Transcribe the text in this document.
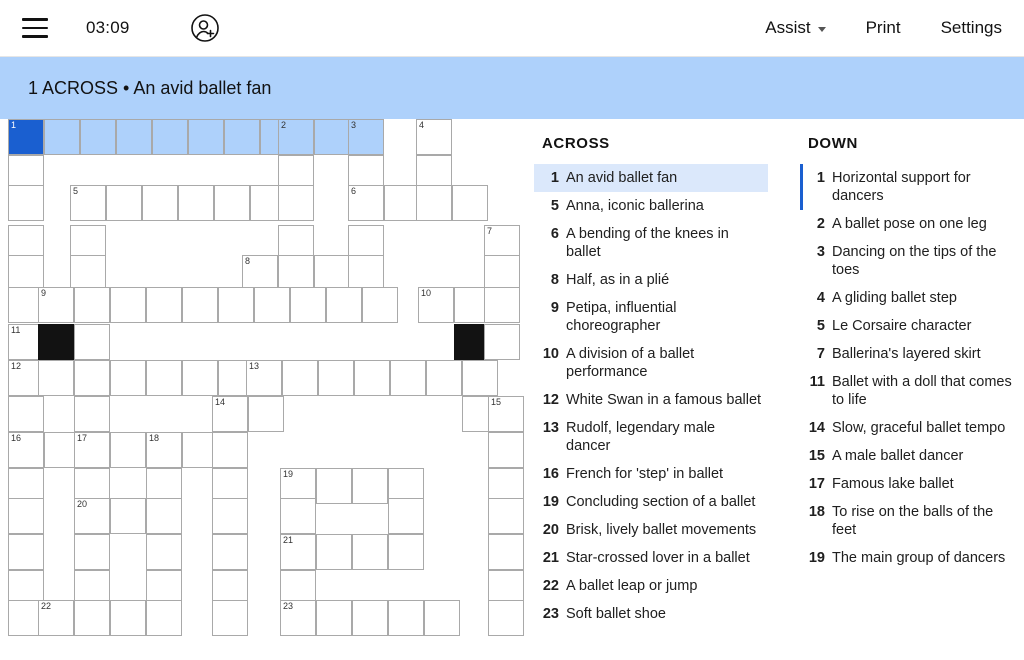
03:09	Assist	Print Settings
1 ACROSS • An avid ballet fan
1	2	3	4
5	6
7
8
9	10
11
12	13
14	15
16	17	18
19
20
21
22	23
ACROSS
1 An avid ballet fan
5 Anna, iconic ballerina
6 A bending of the knees in ballet
8 Half, as in a plié
9 Petipa, influential choreographer
10 A division of a ballet performance
12 White Swan in a famous ballet
13 Rudolf, legendary male dancer
16 French for 'step' in ballet
19 Concluding section of a ballet
20 Brisk, lively ballet movements
21 Star-crossed lover in a ballet
22 A ballet leap or jump
23 Soft ballet shoe
DOWN
1 Horizontal support for dancers
2 A ballet pose on one leg
3 Dancing on the tips of the toes
4 A gliding ballet step
5 Le Corsaire character
7 Ballerina's layered skirt
11 Ballet with a doll that comes to life
14 Slow, graceful ballet tempo
15 A male ballet dancer
17 Famous lake ballet
18 To rise on the balls of the feet
19 The main group of dancers
